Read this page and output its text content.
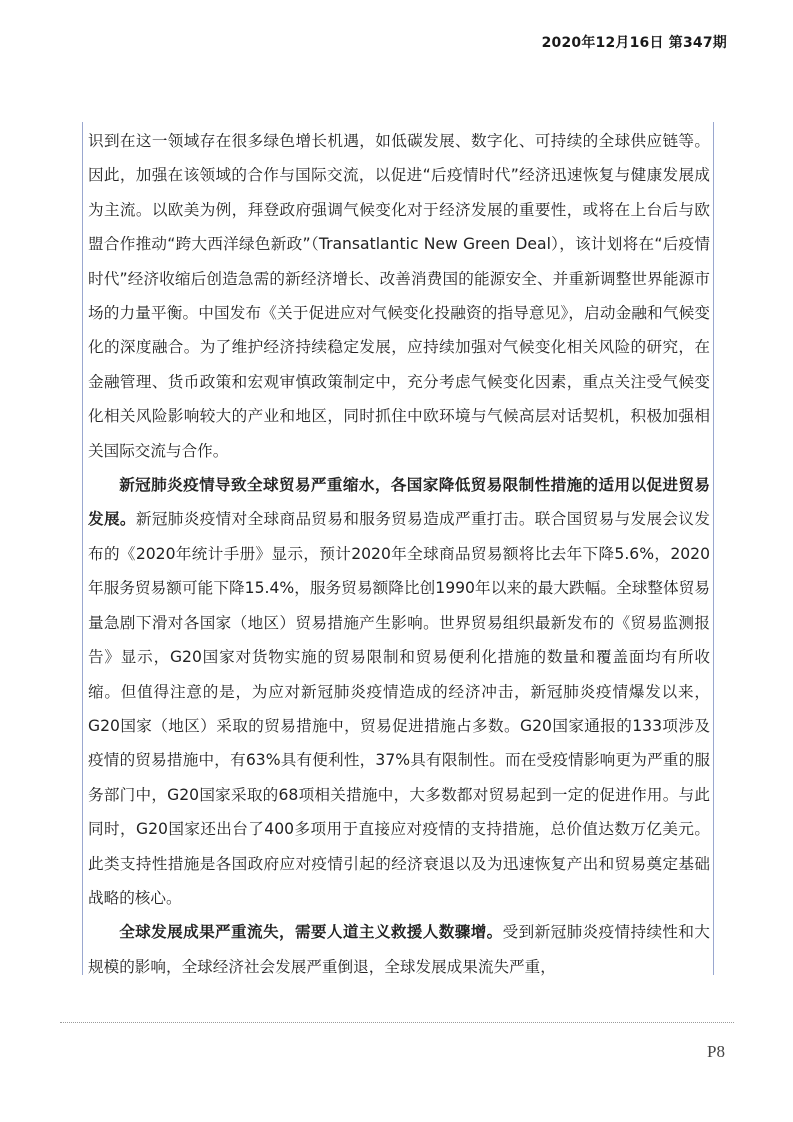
2020年12月16日 第347期

识到在这一领域存在很多绿色增长机遇，如低碳发展、数字化、可持续的全球供应链等。因此，加强在该领域的合作与国际交流，以促进“后疫情时代”经济迅速恢复与健康发展成为主流。以欧美为例，拜登政府强调气候变化对于经济发展的重要性，或将在上台后与欧盟合作推动“跨大西洋绿色新政”（Transatlantic New Green Deal），该计划将在“后疫情时代”经济收缩后创造急需的新经济增长、改善消费国的能源安全、并重新调整世界能源市场的力量平衡。中国发布《关于促进应对气候变化投融资的指导意见》，启动金融和气候变化的深度融合。为了维护经济持续稳定发展，应持续加强对气候变化相关风险的研究，在金融管理、货币政策和宏观审慎政策制定中，充分考虑气候变化因素，重点关注受气候变化相关风险影响较大的产业和地区，同时抓住中欧环境与气候高层对话契机，积极加强相关国际交流与合作。

新冠肺炎疫情导致全球贸易严重缩水，各国家降低贸易限制性措施的适用以促进贸易发展。新冠肺炎疫情对全球商品贸易和服务贸易造成严重打击。联合国贸易与发展会议发布的《2020年统计手册》显示，预计2020年全球商品贸易额将比去年下降5.6%，2020年服务贸易额可能下降15.4%，服务贸易额降比创1990年以来的最大跌幅。全球整体贸易量急剧下滑对各国家（地区）贸易措施产生影响。世界贸易组织最新发布的《贸易监测报告》显示，G20国家对货物实施的贸易限制和贸易便利化措施的数量和覆盖面均有所收缩。但值得注意的是，为应对新冠肺炎疫情造成的经济冲击，新冠肺炎疫情爆发以来，G20国家（地区）采取的贸易措施中，贸易促进措施占多数。G20国家通报的133项涉及疫情的贸易措施中，有63%具有便利性，37%具有限制性。而在受疫情影响更为严重的服务部门中，G20国家采取的68项相关措施中，大多数都对贸易起到一定的促进作用。与此同时，G20国家还出台了400多项用于直接应对疫情的支持措施，总价值达数万亿美元。此类支持性措施是各国政府应对疫情引起的经济衰退以及为迅速恢复产出和贸易奠定基础战略的核心。

全球发展成果严重流失，需要人道主义救援人数骤增。受到新冠肺炎疫情持续性和大规模的影响，全球经济社会发展严重倒退，全球发展成果流失严重，

P8
